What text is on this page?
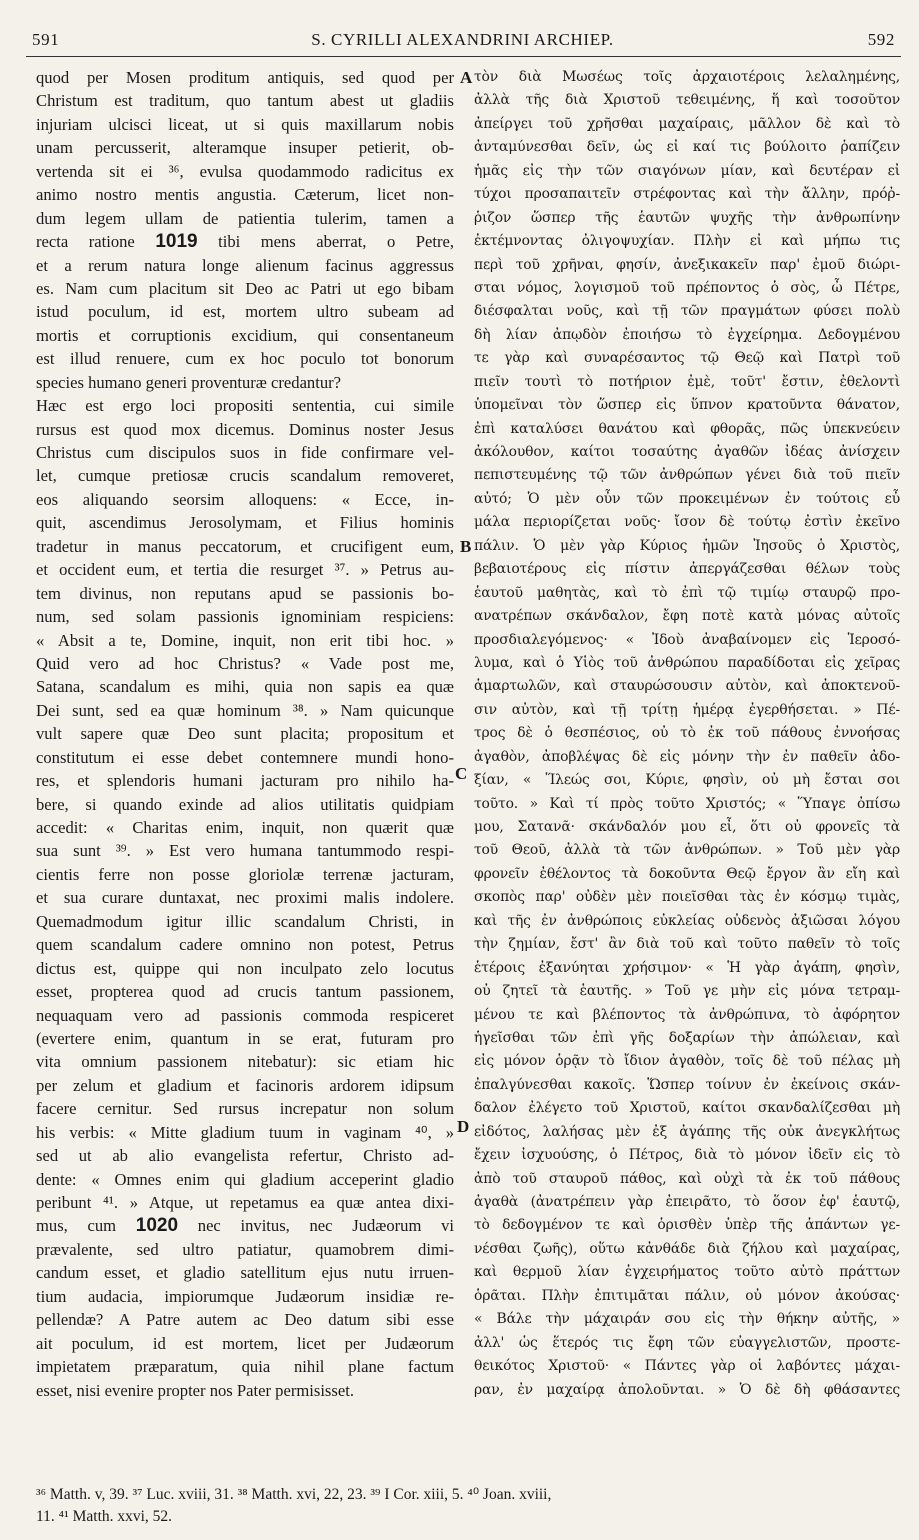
591	S. CYRILLI ALEXANDRINI ARCHIEP.	592
quod per Mosen proditum antiquis, sed quod per
Christum est traditum, quo tantum abest ut gladiis
injuriam ulcisci liceat, ut si quis maxillarum nobis
unam percusserit, alteramque insuper petierit, ob-
vertenda sit ei ³⁶, evulsa quodammodo radicitus ex
animo nostro mentis angustia. Cæterum, licet non-
dum legem ullam de patientia tulerim, tamen a
recta ratione 1019 tibi mens aberrat, o Petre,
et a rerum natura longe alienum facinus aggressus
es. Nam cum placitum sit Deo ac Patri ut ego bibam
istud poculum, id est, mortem ultro subeam ad
mortis et corruptionis excidium, qui consentaneum
est illud renuere, cum ex hoc poculo tot bonorum
species humano generi proventuræ credantur?
Hæc est ergo loci propositi sententia, cui simile
rursus est quod mox dicemus. Dominus noster Jesus
Christus cum discipulos suos in fide confirmare vel-
let, cumque pretiosæ crucis scandalum removeret,
eos aliquando seorsim alloquens: « Ecce, in-
quit, ascendimus Jerosolymam, et Filius hominis
tradetur in manus peccatorum, et crucifigent eum,
et occident eum, et tertia die resurget ³⁷. » Petrus au-
tem divinus, non reputans apud se passionis bo-
num, sed solam passionis ignominiam respiciens:
« Absit a te, Domine, inquit, non erit tibi hoc. »
Quid vero ad hoc Christus? « Vade post me,
Satana, scandalum es mihi, quia non sapis ea quæ
Dei sunt, sed ea quæ hominum ³⁸. » Nam quicunque
vult sapere quæ Deo sunt placita; propositum et
constitutum ei esse debet contemnere mundi hono-
res, et splendoris humani jacturam pro nihilo ha-
bere, si quando exinde ad alios utilitatis quidpiam
accedit: « Charitas enim, inquit, non quærit quæ
sua sunt ³⁹. » Est vero humana tantummodo respi-
cientis ferre non posse gloriolæ terrenæ jacturam,
et sua curare duntaxat, nec proximi malis indolere.
Quemadmodum igitur illic scandalum Christi, in
quem scandalum cadere omnino non potest, Petrus
dictus est, quippe qui non inculpato zelo locutus
esset, propterea quod ad crucis tantum passionem,
nequaquam vero ad passionis commoda respiceret
(evertere enim, quantum in se erat, futuram pro
vita omnium passionem nitebatur): sic etiam hic
per zelum et gladium et facinoris ardorem idipsum
facere cernitur. Sed rursus increpatur non solum
his verbis: « Mitte gladium tuum in vaginam ⁴⁰, »
sed ut ab alio evangelista refertur, Christo ad-
dente: « Omnes enim qui gladium acceperint gladio
peribunt ⁴¹. » Atque, ut repetamus ea quæ antea dixi-
mus, cum 1020 nec invitus, nec Judæorum vi
prævalente, sed ultro patiatur, quamobrem dimi-
candum esset, et gladio satellitum ejus nutu irruen-
tium audacia, impiorumque Judæorum insidiæ re-
pellendæ? A Patre autem ac Deo datum sibi esse
ait poculum, id est mortem, licet per Judæorum
impietatem præparatum, quia nihil plane factum
esset, nisi evenire propter nos Pater permisisset.
A
B
C
D
τὸν διὰ Μωσέως τοῖς ἀρχαιοτέροις λελαλημένης,
ἀλλὰ τῆς διὰ Χριστοῦ τεθειμένης, ἥ καὶ τοσοῦτον
ἀπείργει τοῦ χρῆσθαι μαχαίραις, μᾶλλον δὲ καὶ τὸ
ἀνταμύνεσθαι δεῖν, ὡς εἰ καί τις βούλοιτο ῥαπίζειν
ἡμᾶς εἰς τὴν τῶν σιαγόνων μίαν, καὶ δευτέραν εἰ
τύχοι προσαπαιτεῖν στρέφοντας καὶ τὴν ἄλλην, πρόῤ-
ῥιζον ὥσπερ τῆς ἑαυτῶν ψυχῆς τὴν ἀνθρωπίνην
ἐκτέμνοντας ὀλιγοψυχίαν. Πλὴν εἰ καὶ μήπω τις
περὶ τοῦ χρῆναι, φησίν, ἀνεξικακεῖν παρ' ἐμοῦ διώρι-
σται νόμος, λογισμοῦ τοῦ πρέποντος ὁ σὸς, ὦ Πέτρε,
διέσφαλται νοῦς, καὶ τῇ τῶν πραγμάτων φύσει πολὺ
δὴ λίαν ἀπῳδὸν ἐποιήσω τὸ ἐγχείρημα. Δεδογμένου
τε γὰρ καὶ συναρέσαντος τῷ Θεῷ καὶ Πατρὶ τοῦ
πιεῖν τουτὶ τὸ ποτήριον ἐμὲ, τοῦτ' ἔστιν, ἐθελοντὶ
ὑπομεῖναι τὸν ὥσπερ εἰς ὕπνον κρατοῦντα θάνατον,
ἐπὶ καταλύσει θανάτου καὶ φθορᾶς, πῶς ὑπεκνεύειν
ἀκόλουθον, καίτοι τοσαύτης ἀγαθῶν ἰδέας ἀνίσχειν
πεπιστευμένης τῷ τῶν ἀνθρώπων γένει διὰ τοῦ πιεῖν
αὐτό; Ὁ μὲν οὖν τῶν προκειμένων ἐν τούτοις εὖ
μάλα περιορίζεται νοῦς· ἴσον δὲ τούτῳ ἐστὶν ἐκεῖνο
πάλιν. Ὁ μὲν γὰρ Κύριος ἡμῶν Ἰησοῦς ὁ Χριστὸς,
βεβαιοτέρους εἰς πίστιν ἀπεργάζεσθαι θέλων τοὺς
ἑαυτοῦ μαθητὰς, καὶ τὸ ἐπὶ τῷ τιμίῳ σταυρῷ προ-
ανατρέπων σκάνδαλον, ἔφη ποτὲ κατὰ μόνας αὐτοῖς
προσδιαλεγόμενος· « Ἰδοὺ ἀναβαίνομεν εἰς Ἱεροσό-
λυμα, καὶ ὁ Υἱὸς τοῦ ἀνθρώπου παραδίδοται εἰς χεῖρας
ἁμαρτωλῶν, καὶ σταυρώσουσιν αὐτὸν, καὶ ἀποκτενοῦ-
σιν αὐτὸν, καὶ τῇ τρίτῃ ἡμέρᾳ ἐγερθήσεται. » Πέ-
τρος δὲ ὁ θεσπέσιος, οὐ τὸ ἐκ τοῦ πάθους ἐννοήσας
ἀγαθὸν, ἀποβλέψας δὲ εἰς μόνην τὴν ἐν παθεῖν ἀδο-
ξίαν, « Ἵλεώς σοι, Κύριε, φησὶν, οὐ μὴ ἔσται σοι
τοῦτο. » Καὶ τί πρὸς τοῦτο Χριστός; « Ὕπαγε ὀπίσω
μου, Σατανᾶ· σκάνδαλόν μου εἶ, ὅτι οὐ φρονεῖς τὰ
τοῦ Θεοῦ, ἀλλὰ τὰ τῶν ἀνθρώπων. » Τοῦ μὲν γὰρ
φρονεῖν ἐθέλοντος τὰ δοκοῦντα Θεῷ ἔργον ἂν εἴη καὶ
σκοπὸς παρ' οὐδὲν μὲν ποιεῖσθαι τὰς ἐν κόσμῳ τιμὰς,
καὶ τῆς ἐν ἀνθρώποις εὐκλείας οὐδενὸς ἀξιῶσαι λόγου
τὴν ζημίαν, ἔστ' ἂν διὰ τοῦ καὶ τοῦτο παθεῖν τὸ τοῖς
ἑτέροις ἐξανύηται χρήσιμον· « Ἡ γὰρ ἀγάπη, φησὶν,
οὐ ζητεῖ τὰ ἑαυτῆς. » Τοῦ γε μὴν εἰς μόνα τετραμ-
μένου τε καὶ βλέποντος τὰ ἀνθρώπινα, τὸ ἀφόρητον
ἡγεῖσθαι τῶν ἐπὶ γῆς δοξαρίων τὴν ἀπώλειαν, καὶ
εἰς μόνον ὁρᾷν τὸ ἴδιον ἀγαθὸν, τοῖς δὲ τοῦ πέλας μὴ
ἐπαλγύνεσθαι κακοῖς. Ὥσπερ τοίνυν ἐν ἐκείνοις σκάν-
δαλον ἐλέγετο τοῦ Χριστοῦ, καίτοι σκανδαλίζεσθαι μὴ
εἰδότος, λαλήσας μὲν ἐξ ἀγάπης τῆς οὐκ ἀνεγκλήτως
ἔχειν ἰσχυούσης, ὁ Πέτρος, διὰ τὸ μόνον ἰδεῖν εἰς τὸ
ἀπὸ τοῦ σταυροῦ πάθος, καὶ οὐχὶ τὰ ἐκ τοῦ πάθους
ἀγαθὰ (ἀνατρέπειν γὰρ ἐπειρᾶτο, τὸ ὅσον ἐφ' ἑαυτῷ,
τὸ δεδογμένον τε καὶ ὁρισθὲν ὑπὲρ τῆς ἁπάντων γε-
νέσθαι ζωῆς), οὕτω κἀνθάδε διὰ ζήλου καὶ μαχαίρας,
καὶ θερμοῦ λίαν ἐγχειρήματος τοῦτο αὐτὸ πράττων
ὁρᾶται. Πλὴν ἐπιτιμᾶται πάλιν, οὐ μόνον ἀκούσας·
« Βάλε τὴν μάχαιράν σου εἰς τὴν θήκην αὐτῆς, »
ἀλλ' ὡς ἕτερός τις ἔφη τῶν εὐαγγελιστῶν, προστε-
θεικότος Χριστοῦ· « Πάντες γὰρ οἱ λαβόντες μάχαι-
ραν, ἐν μαχαίρᾳ ἀπολοῦνται. » Ὁ δὲ δὴ φθάσαντες
³⁶ Matth. v, 39. ³⁷ Luc. xviii, 31. ³⁸ Matth. xvi, 22, 23. ³⁹ I Cor. xiii, 5. ⁴⁰ Joan. xviii,
11. ⁴¹ Matth. xxvi, 52.
